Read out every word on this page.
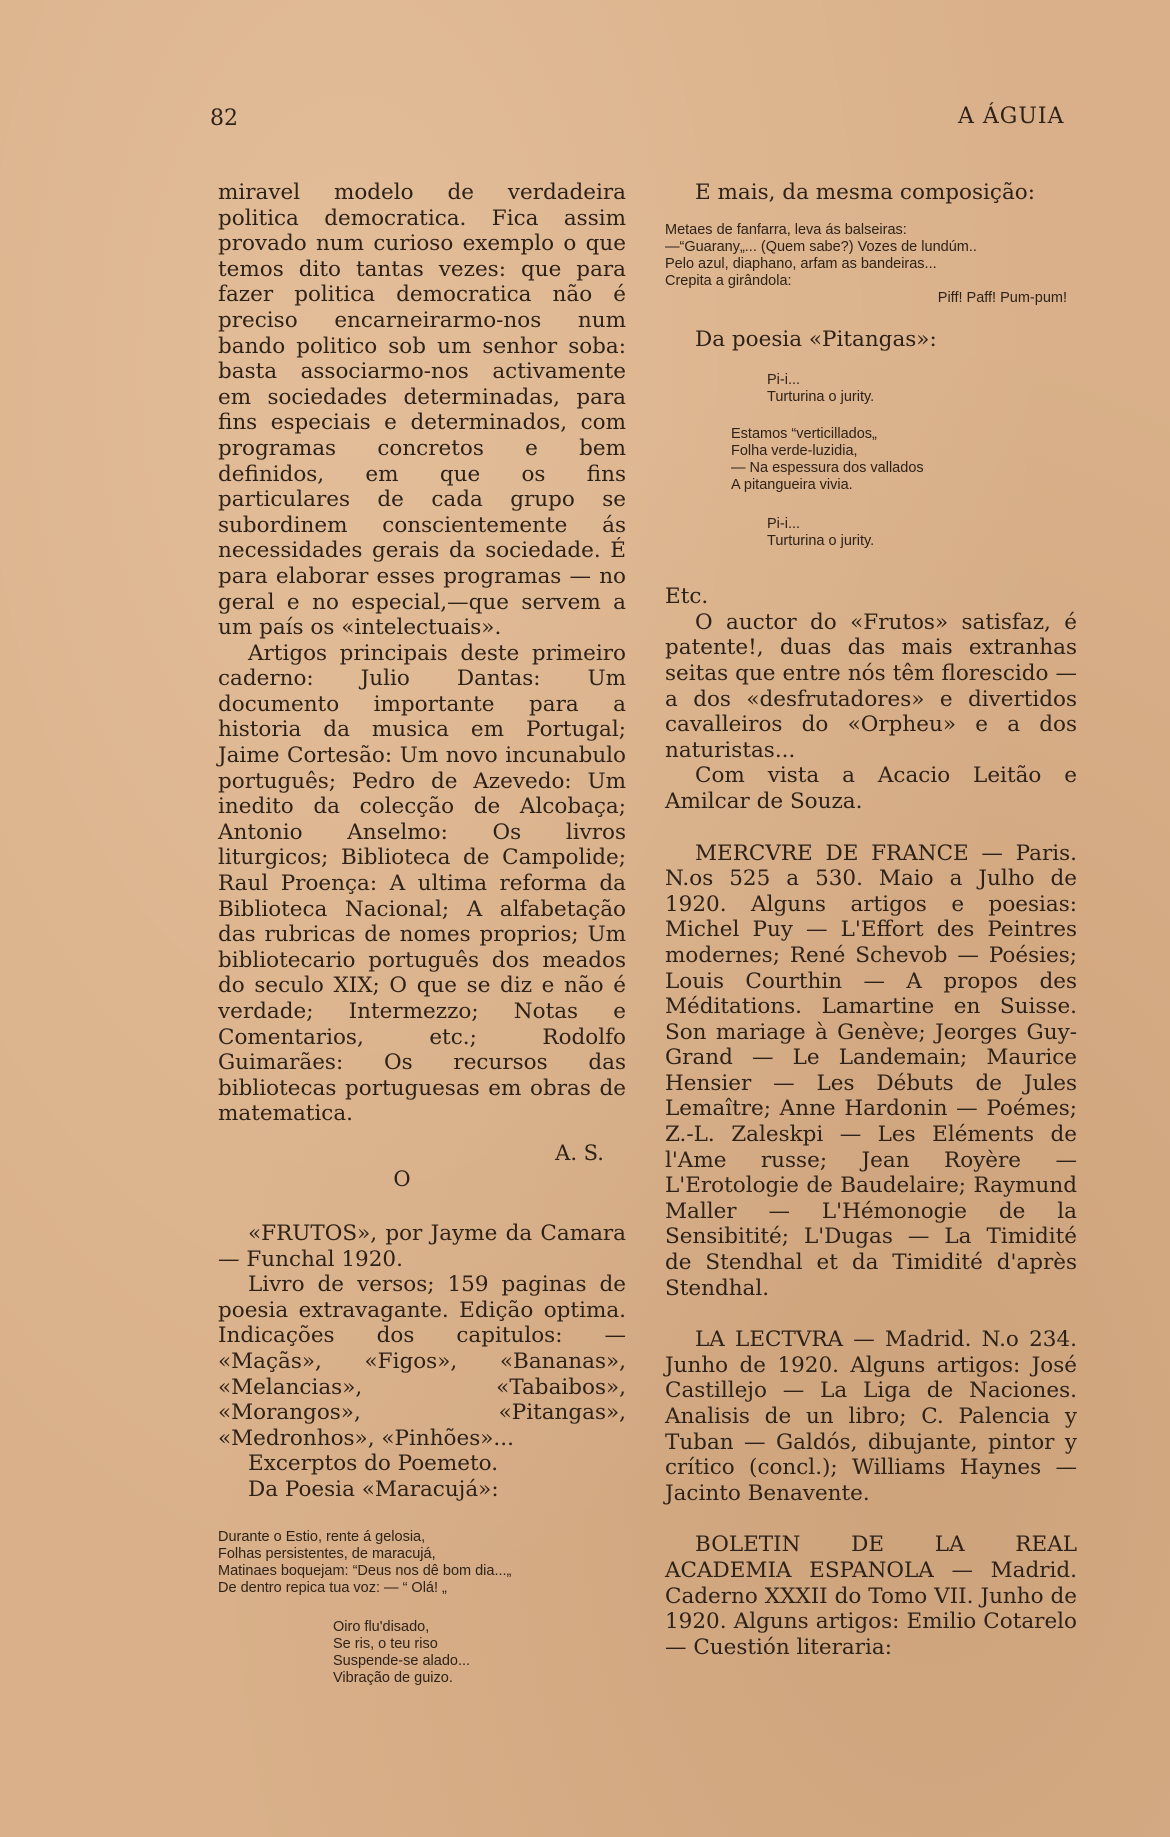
82	A ÁGUIA

miravel modelo de verdadeira politica democratica. Fica assim provado num curioso exemplo o que temos dito tantas vezes: que para fazer politica democratica não é preciso encarneirarmo-nos num bando politico sob um senhor soba: basta associarmo-nos activamente em sociedades determinadas, para fins especiais e determinados, com programas concretos e bem definidos, em que os fins particulares de cada grupo se subordinem conscientemente ás necessidades gerais da sociedade. É para elaborar esses programas — no geral e no especial,—que servem a um país os «intelectuais».

Artigos principais deste primeiro caderno: Julio Dantas: Um documento importante para a historia da musica em Portugal; Jaime Cortesão: Um novo incunabulo português; Pedro de Azevedo: Um inedito da colecção de Alcobaça; Antonio Anselmo: Os livros liturgicos; Biblioteca de Campolide; Raul Proença: A ultima reforma da Biblioteca Nacional; A alfabetação das rubricas de nomes proprios; Um bibliotecario português dos meados do seculo XIX; O que se diz e não é verdade; Intermezzo; Notas e Comentarios, etc.; Rodolfo Guimarães: Os recursos das bibliotecas portuguesas em obras de matematica.

A. S.
O

«FRUTOS», por Jayme da Camara — Funchal 1920.

Livro de versos; 159 paginas de poesia extravagante. Edição optima. Indicações dos capitulos: — «Maçãs», «Figos», «Bananas», «Melancias», «Tabaibos», «Morangos», «Pitangas», «Medronhos», «Pinhões»...

Excerptos do Poemeto.

Da Poesia «Maracujá»:

Durante o Estio, rente á gelosia,
Folhas persistentes, de maracujá,
Matinaes boquejam: “Deus nos dê bom dia...„
De dentro repica tua voz: — “ Olá! „
Oiro flu'disado,
Se ris, o teu riso
Suspende-se alado...
Vibração de guizo.

E mais, da mesma composição:

Metaes de fanfarra, leva ás balseiras:
—“Guarany„... (Quem sabe?) Vozes de lundúm..
Pelo azul, diaphano, arfam as bandeiras...
Crepita a girândola:
Piff! Paff! Pum-pum!

Da poesia «Pitangas»:

Pi-i...
Turturina o jurity.
Estamos “verticillados„
Folha verde-luzidia,
— Na espessura dos vallados
A pitangueira vivia.
Pi-i...
Turturina o jurity.

Etc.

O auctor do «Frutos» satisfaz, é patente!, duas das mais extranhas seitas que entre nós têm florescido — a dos «desfrutadores» e divertidos cavalleiros do «Orpheu» e a dos naturistas...

Com vista a Acacio Leitão e Amilcar de Souza.

MERCVRE DE FRANCE — Paris. N.os 525 a 530. Maio a Julho de 1920. Alguns artigos e poesias: Michel Puy — L'Effort des Peintres modernes; René Schevob — Poésies; Louis Courthin — A propos des Méditations. Lamartine en Suisse. Son mariage à Genève; Jeorges Guy-Grand — Le Landemain; Maurice Hensier — Les Débuts de Jules Lemaître; Anne Hardonin — Poémes; Z.-L. Zaleskpi — Les Eléments de l'Ame russe; Jean Royère — L'Erotologie de Baudelaire; Raymund Maller — L'Hémonogie de la Sensibitité; L'Dugas — La Timidité de Stendhal et da Timidité d'après Stendhal.

LA LECTVRA — Madrid. N.o 234. Junho de 1920. Alguns artigos: José Castillejo — La Liga de Naciones. Analisis de un libro; C. Palencia y Tuban — Galdós, dibujante, pintor y crítico (concl.); Williams Haynes — Jacinto Benavente.

BOLETIN DE LA REAL ACADEMIA ESPANOLA — Madrid. Caderno XXXII do Tomo VII. Junho de 1920. Alguns artigos: Emilio Cotarelo — Cuestión literaria:
